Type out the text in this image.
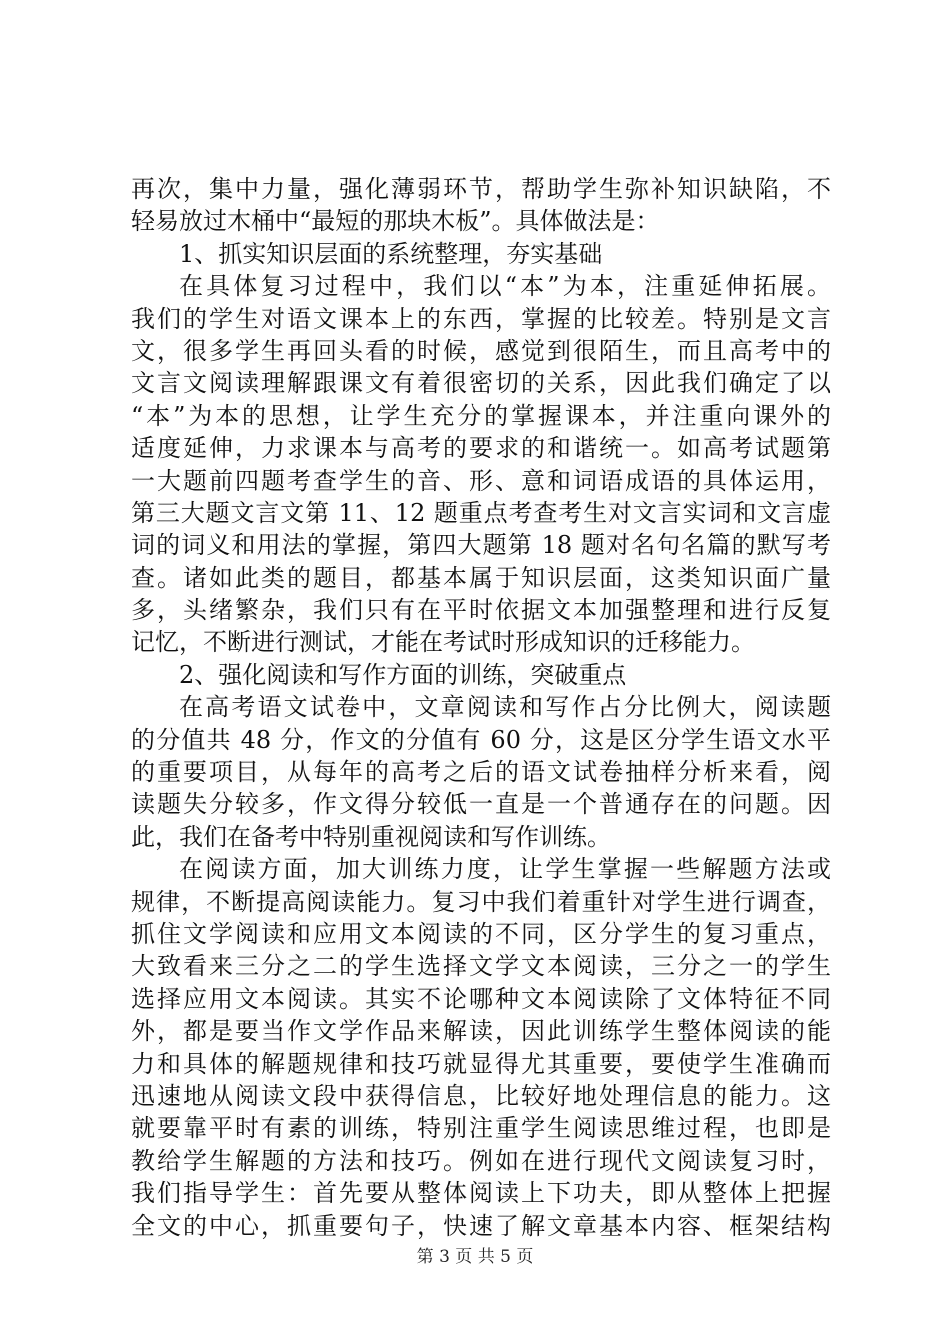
再次，集中力量，强化薄弱环节，帮助学生弥补知识缺陷，不
轻易放过木桶中“最短的那块木板”。具体做法是：
1、抓实知识层面的系统整理，夯实基础
在具体复习过程中，我们以“本”为本，注重延伸拓展。
我们的学生对语文课本上的东西，掌握的比较差。特别是文言
文，很多学生再回头看的时候，感觉到很陌生，而且高考中的
文言文阅读理解跟课文有着很密切的关系，因此我们确定了以
“本”为本的思想，让学生充分的掌握课本，并注重向课外的
适度延伸，力求课本与高考的要求的和谐统一。如高考试题第
一大题前四题考查学生的音、形、意和词语成语的具体运用，
第三大题文言文第 11、12 题重点考查考生对文言实词和文言虚
词的词义和用法的掌握，第四大题第 18 题对名句名篇的默写考
查。诸如此类的题目，都基本属于知识层面，这类知识面广量
多，头绪繁杂，我们只有在平时依据文本加强整理和进行反复
记忆，不断进行测试，才能在考试时形成知识的迁移能力。
2、强化阅读和写作方面的训练，突破重点
在高考语文试卷中，文章阅读和写作占分比例大，阅读题
的分值共 48 分，作文的分值有 60 分，这是区分学生语文水平
的重要项目，从每年的高考之后的语文试卷抽样分析来看，阅
读题失分较多，作文得分较低一直是一个普通存在的问题。因
此，我们在备考中特别重视阅读和写作训练。
在阅读方面，加大训练力度，让学生掌握一些解题方法或
规律，不断提高阅读能力。复习中我们着重针对学生进行调查，
抓住文学阅读和应用文本阅读的不同，区分学生的复习重点，
大致看来三分之二的学生选择文学文本阅读，三分之一的学生
选择应用文本阅读。其实不论哪种文本阅读除了文体特征不同
外，都是要当作文学作品来解读，因此训练学生整体阅读的能
力和具体的解题规律和技巧就显得尤其重要，要使学生准确而
迅速地从阅读文段中获得信息，比较好地处理信息的能力。这
就要靠平时有素的训练，特别注重学生阅读思维过程，也即是
教给学生解题的方法和技巧。例如在进行现代文阅读复习时，
我们指导学生：首先要从整体阅读上下功夫，即从整体上把握
全文的中心，抓重要句子，快速了解文章基本内容、框架结构
第 3 页 共 5 页
